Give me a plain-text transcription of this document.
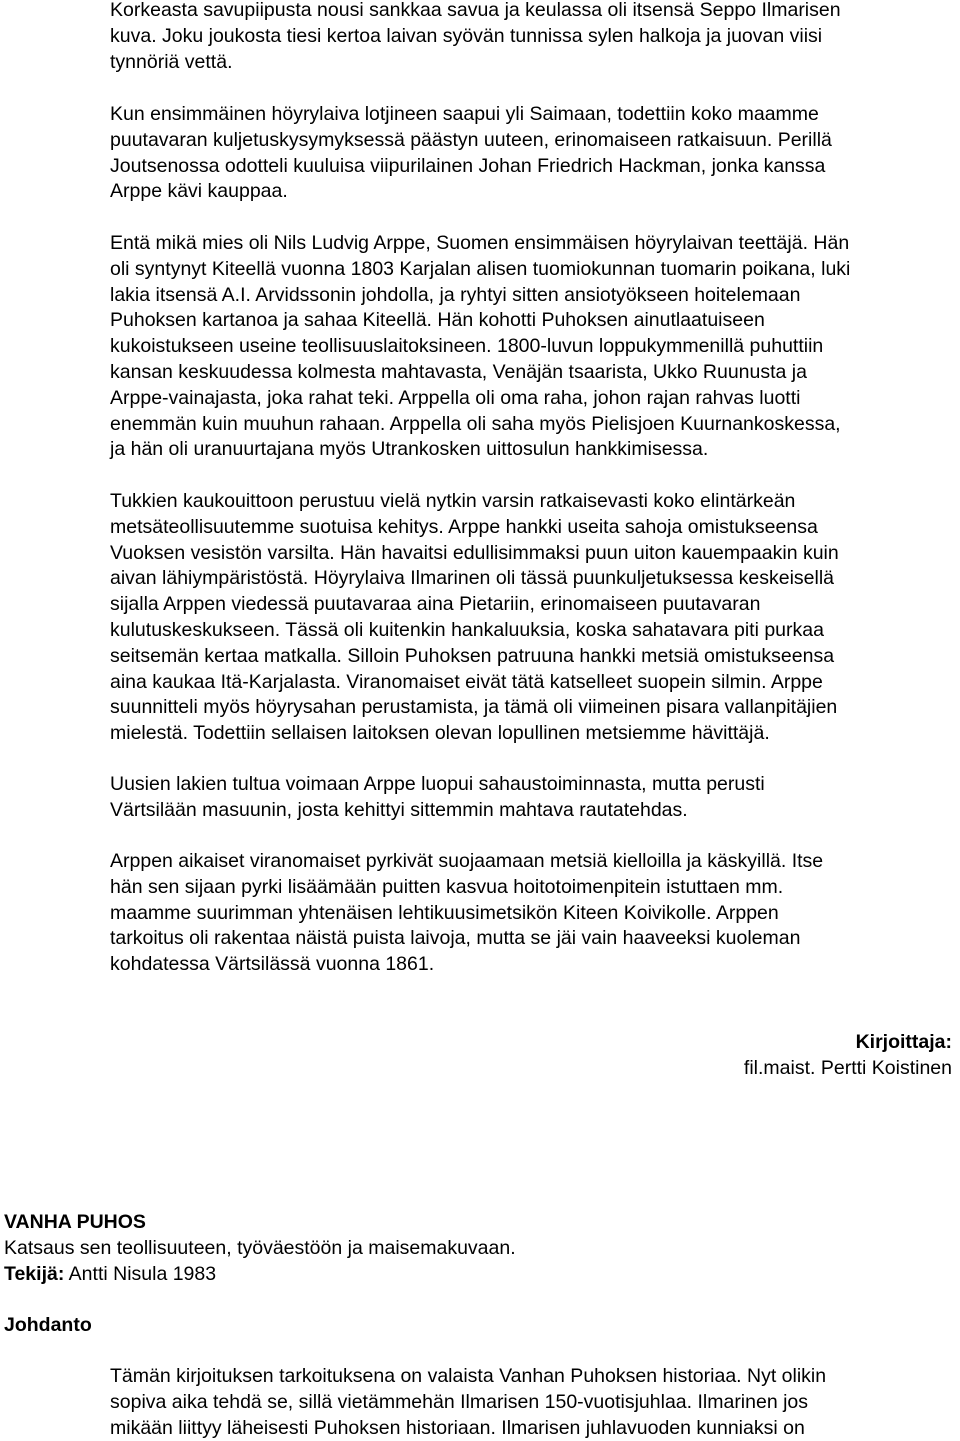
Korkeasta savupiipusta nousi sankkaa savua ja keulassa oli itsensä Seppo Ilmarisen
kuva. Joku joukosta tiesi kertoa laivan syövän tunnissa sylen halkoja ja juovan viisi
tynnöriä vettä.

Kun ensimmäinen höyrylaiva lotjineen saapui yli Saimaan, todettiin koko maamme
puutavaran kuljetuskysymyksessä päästyn uuteen, erinomaiseen ratkaisuun. Perillä
Joutsenossa odotteli kuuluisa viipurilainen Johan Friedrich Hackman, jonka kanssa
Arppe kävi kauppaa.

Entä mikä mies oli Nils Ludvig Arppe, Suomen ensimmäisen höyrylaivan teettäjä. Hän
oli syntynyt Kiteellä vuonna 1803 Karjalan alisen tuomiokunnan tuomarin poikana, luki
lakia itsensä A.I. Arvidssonin johdolla, ja ryhtyi sitten ansiotyökseen hoitelemaan
Puhoksen kartanoa ja sahaa Kiteellä. Hän kohotti Puhoksen ainutlaatuiseen
kukoistukseen useine teollisuuslaitoksineen. 1800-luvun loppukymmenillä puhuttiin
kansan keskuudessa kolmesta mahtavasta, Venäjän tsaarista, Ukko Ruunusta ja
Arppe-vainajasta, joka rahat teki. Arppella oli oma raha, johon rajan rahvas luotti
enemmän kuin muuhun rahaan. Arppella oli saha myös Pielisjoen Kuurnankoskessa,
ja hän oli uranuurtajana myös Utrankosken uittosulun hankkimisessa.

Tukkien kaukouittoon perustuu vielä nytkin varsin ratkaisevasti koko elintärkeän
metsäteollisuutemme suotuisa kehitys. Arppe hankki useita sahoja omistukseensa
Vuoksen vesistön varsilta. Hän havaitsi edullisimmaksi puun uiton kauempaakin kuin
aivan lähiympäristöstä. Höyrylaiva Ilmarinen oli tässä puunkuljetuksessa keskeisellä
sijalla Arppen viedessä puutavaraa aina Pietariin, erinomaiseen puutavaran
kulutuskeskukseen. Tässä oli kuitenkin hankaluuksia, koska sahatavara piti purkaa
seitsemän kertaa matkalla. Silloin Puhoksen patruuna hankki metsiä omistukseensa
aina kaukaa Itä-Karjalasta. Viranomaiset eivät tätä katselleet suopein silmin. Arppe
suunnitteli myös höyrysahan perustamista, ja tämä oli viimeinen pisara vallanpitäjien
mielestä. Todettiin sellaisen laitoksen olevan lopullinen metsiemme hävittäjä.

Uusien lakien tultua voimaan Arppe luopui sahaustoiminnasta, mutta perusti
Värtsilään masuunin, josta kehittyi sittemmin mahtava rautatehdas.

Arppen aikaiset viranomaiset pyrkivät suojaamaan metsiä kielloilla ja käskyillä. Itse
hän sen sijaan pyrki lisäämään puitten kasvua hoitotoimenpitein istuttaen mm.
maamme suurimman yhtenäisen lehtikuusimetsikön Kiteen Koivikolle. Arppen
tarkoitus oli rakentaa näistä puista laivoja, mutta se jäi vain haaveeksi kuoleman
kohdatessa Värtsilässä vuonna 1861.

Kirjoittaja:
fil.maist. Pertti Koistinen
VANHA PUHOS
Katsaus sen teollisuuteen, työväestöön ja maisemakuvaan.
Tekijä: Antti Nisula 1983
Johdanto

Tämän kirjoituksen tarkoituksena on valaista Vanhan Puhoksen historiaa. Nyt olikin
sopiva aika tehdä se, sillä vietämmehän Ilmarisen 150-vuotisjuhlaa. Ilmarinen jos
mikään liittyy läheisesti Puhoksen historiaan. Ilmarisen juhlavuoden kunniaksi on
